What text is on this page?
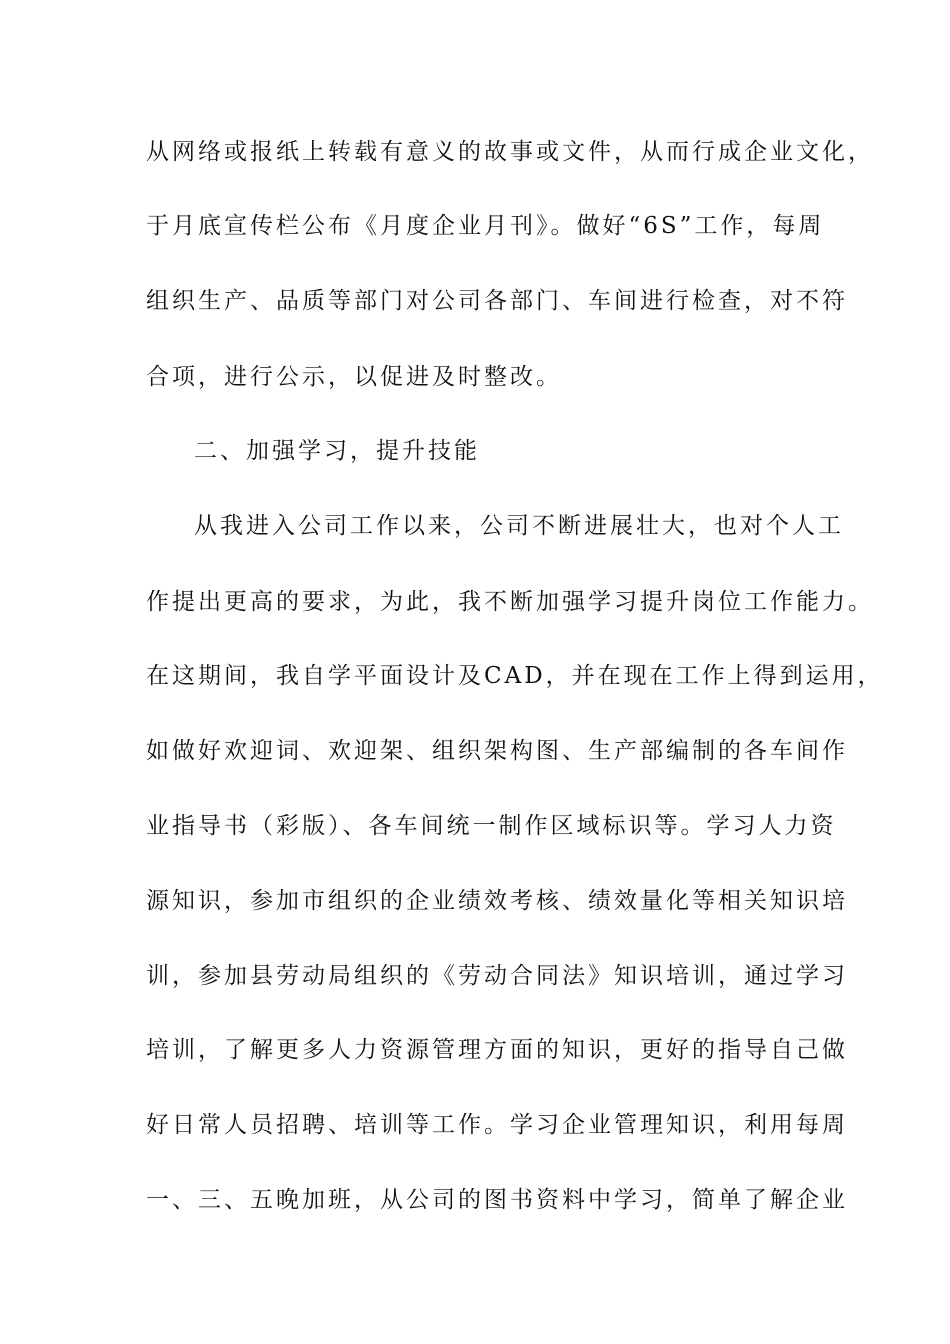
从网络或报纸上转载有意义的故事或文件，从而行成企业文化，
于月底宣传栏公布《月度企业月刊》。做好“6S”工作，每周
组织生产、品质等部门对公司各部门、车间进行检查，对不符
合项，进行公示，以促进及时整改。
二、加强学习，提升技能
从我进入公司工作以来，公司不断进展壮大，也对个人工
作提出更高的要求，为此，我不断加强学习提升岗位工作能力。
在这期间，我自学平面设计及CAD，并在现在工作上得到运用，
如做好欢迎词、欢迎架、组织架构图、生产部编制的各车间作
业指导书（彩版）、各车间统一制作区域标识等。学习人力资
源知识，参加市组织的企业绩效考核、绩效量化等相关知识培
训，参加县劳动局组织的《劳动合同法》知识培训，通过学习
培训，了解更多人力资源管理方面的知识，更好的指导自己做
好日常人员招聘、培训等工作。学习企业管理知识，利用每周
一、三、五晚加班，从公司的图书资料中学习，简单了解企业
